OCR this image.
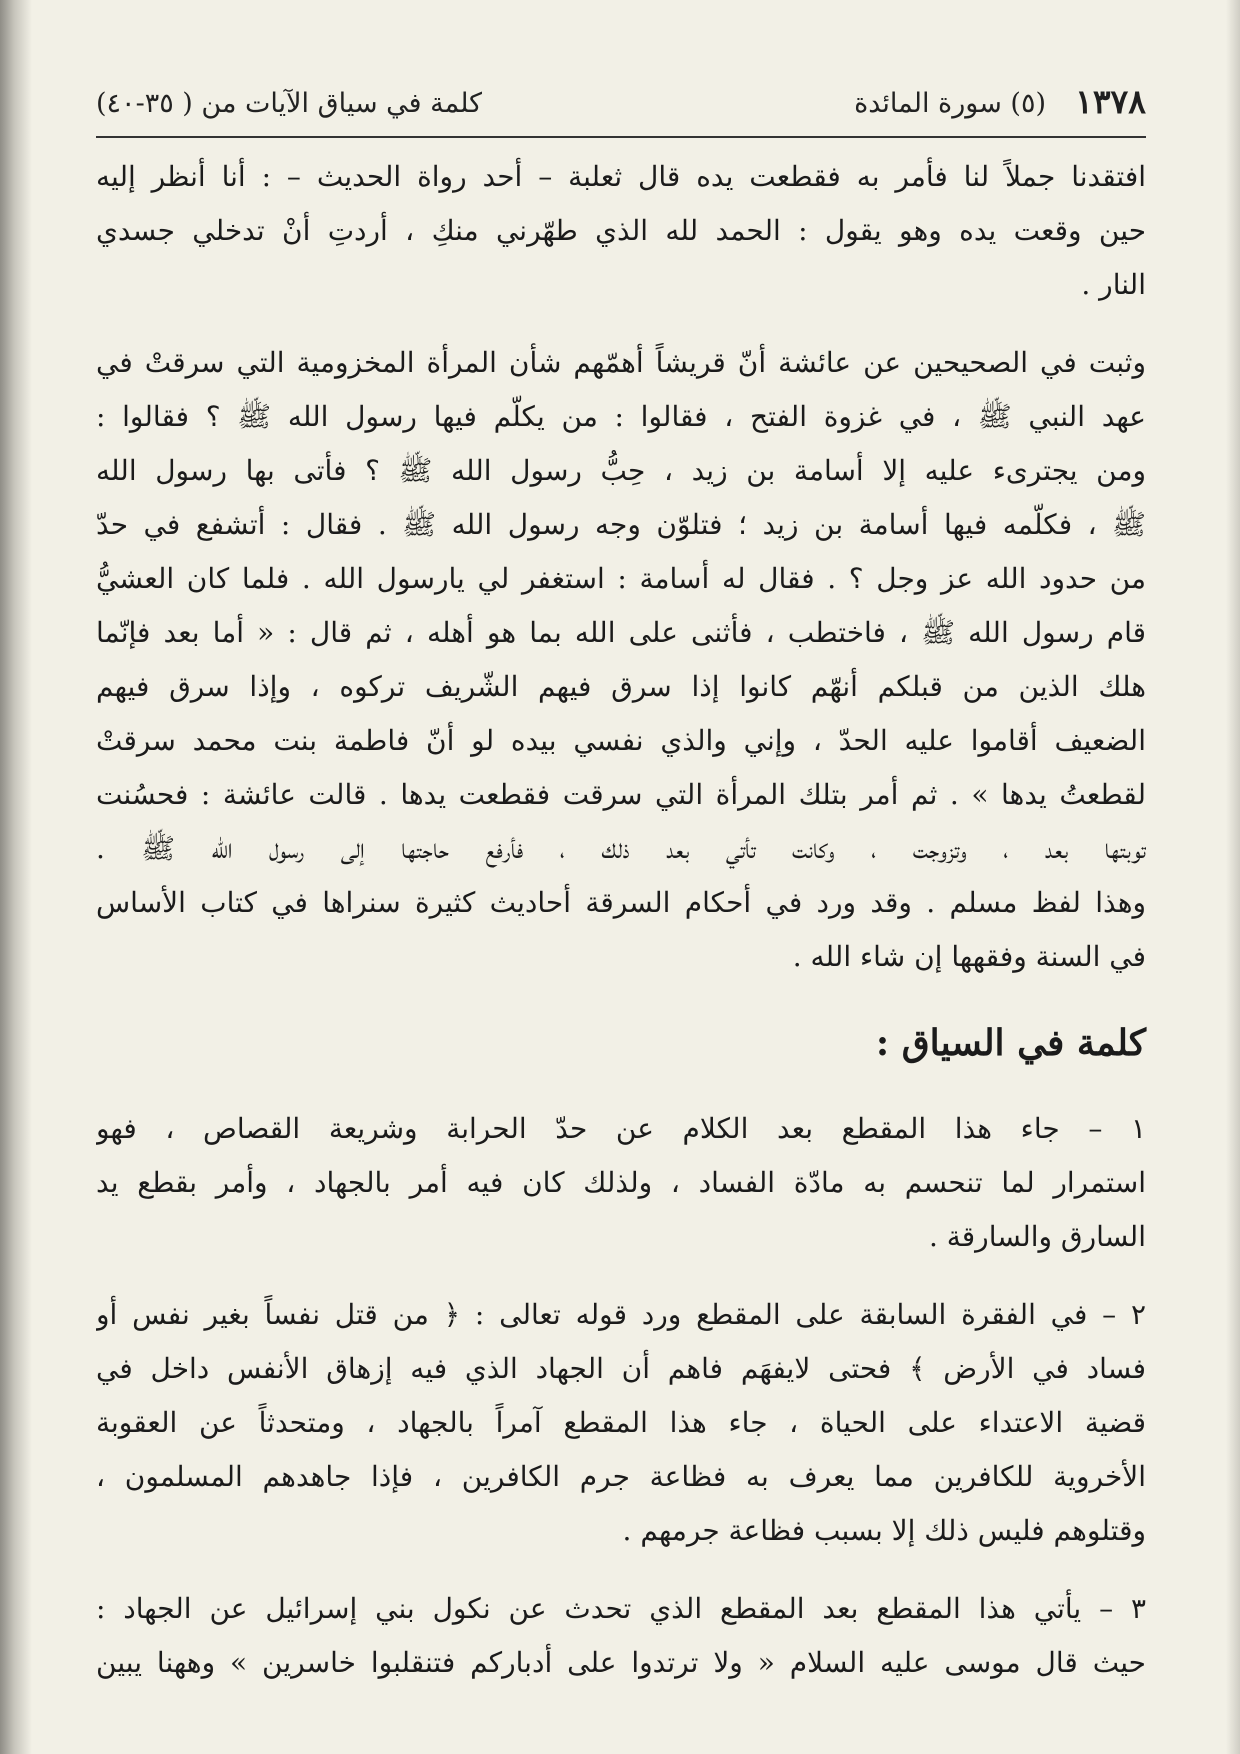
١٣٧٨
(٥) سورة المائدة
كلمة في سياق الآيات من ( ٣٥-٤٠)
افتقدنا جملاً لنا فأمر به فقطعت يده قال ثعلبة – أحد رواة الحديث – : أنا أنظر إليه
حين وقعت يده وهو يقول : الحمد لله الذي طهّرني منكِ ، أردتِ أنْ تدخلي جسدي
النار .
وثبت في الصحيحين عن عائشة أنّ قريشاً أهمّهم شأن المرأة المخزومية التي سرقتْ في
عهد النبي ﷺ ، في غزوة الفتح ، فقالوا : من يكلّم فيها رسول الله ﷺ ؟ فقالوا :
ومن يجترىء عليه إلا أسامة بن زيد ، حِبُّ رسول الله ﷺ ؟ فأتى بها رسول الله
ﷺ ، فكلّمه فيها أسامة بن زيد ؛ فتلوّن وجه رسول الله ﷺ . فقال : أتشفع في حدّ
من حدود الله عز وجل ؟ . فقال له أسامة : استغفر لي يارسول الله . فلما كان العشيُّ
قام رسول الله ﷺ ، فاختطب ، فأثنى على الله بما هو أهله ، ثم قال : « أما بعد فإنّما
هلك الذين من قبلكم أنهّم كانوا إذا سرق فيهم الشّريف تركوه ، وإذا سرق فيهم
الضعيف أقاموا عليه الحدّ ، وإني والذي نفسي بيده لو أنّ فاطمة بنت محمد سرقتْ
لقطعتُ يدها » . ثم أمر بتلك المرأة التي سرقت فقطعت يدها . قالت عائشة : فحسُنت
توبتها بعد ، وتزوجت ، وكانت تأتي بعد ذلك ، فأرفع حاجتها إلى رسول الله ﷺ .
وهذا لفظ مسلم . وقد ورد في أحكام السرقة أحاديث كثيرة سنراها في كتاب الأساس
في السنة وفقهها إن شاء الله .
كلمة في السياق :
١ – جاء هذا المقطع بعد الكلام عن حدّ الحرابة وشريعة القصاص ، فهو
استمرار لما تنحسم به مادّة الفساد ، ولذلك كان فيه أمر بالجهاد ، وأمر بقطع يد
السارق والسارقة .
٢ – في الفقرة السابقة على المقطع ورد قوله تعالى : ﴿ من قتل نفساً بغير نفس أو
فساد في الأرض ﴾ فحتى لايفهَم فاهم أن الجهاد الذي فيه إزهاق الأنفس داخل في
قضية الاعتداء على الحياة ، جاء هذا المقطع آمراً بالجهاد ، ومتحدثاً عن العقوبة
الأخروية للكافرين مما يعرف به فظاعة جرم الكافرين ، فإذا جاهدهم المسلمون ،
وقتلوهم فليس ذلك إلا بسبب فظاعة جرمهم .
٣ – يأتي هذا المقطع بعد المقطع الذي تحدث عن نكول بني إسرائيل عن الجهاد :
حيث قال موسى عليه السلام « ولا ترتدوا على أدباركم فتنقلبوا خاسرين » وههنا يبين
